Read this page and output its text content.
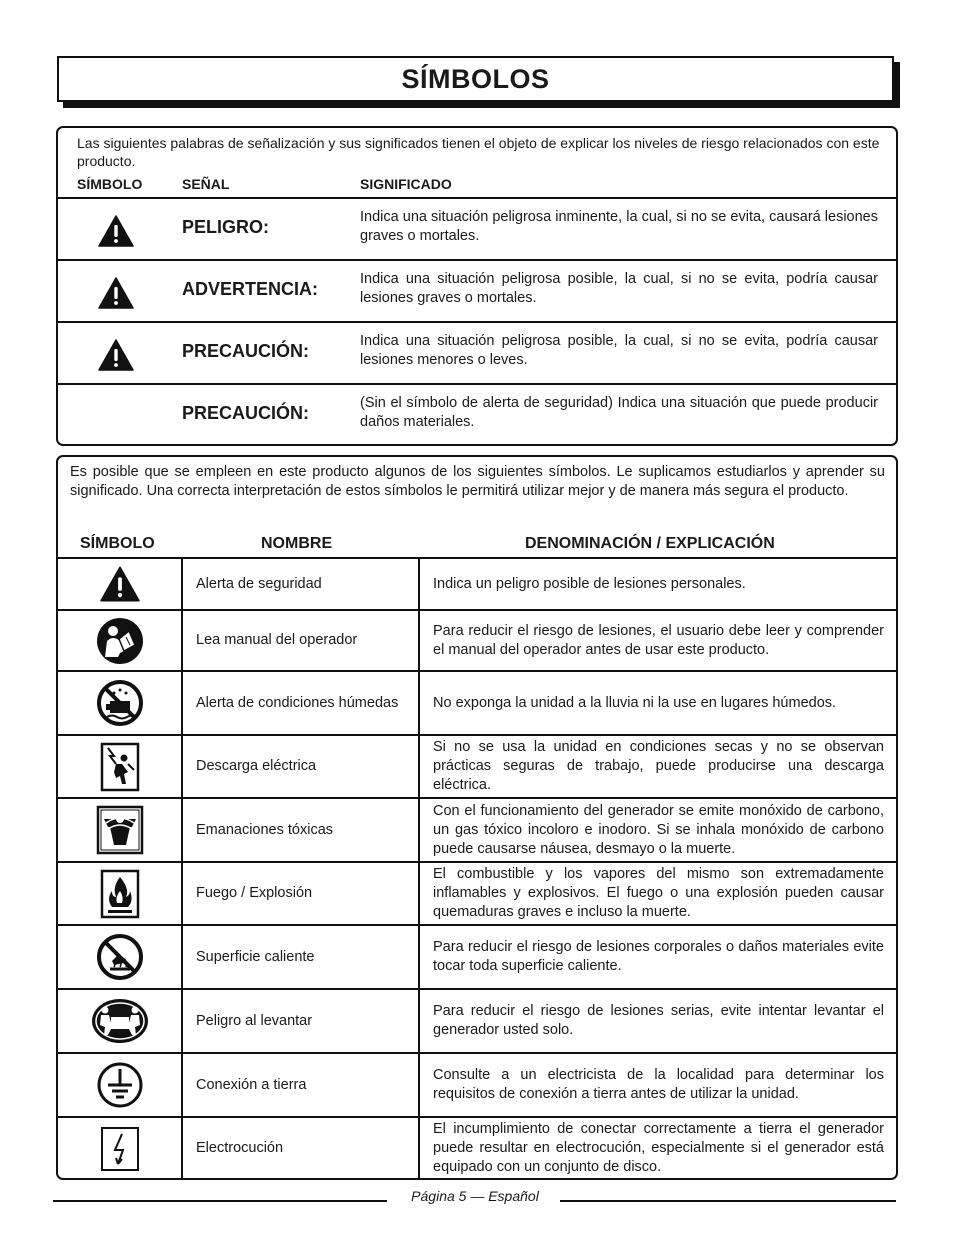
SÍMBOLOS
Las siguientes palabras de señalización y sus significados tienen el objeto de explicar los niveles de riesgo relacionados con este producto.
SÍMBOLO	SEÑAL	SIGNIFICADO
PELIGRO:	Indica una situación peligrosa inminente, la cual, si no se evita, causará lesiones graves o mortales.
ADVERTENCIA:	Indica una situación peligrosa posible, la cual, si no se evita, podría causar lesiones graves o mortales.
PRECAUCIÓN:	Indica una situación peligrosa posible, la cual, si no se evita, podría causar lesiones menores o leves.
PRECAUCIÓN:	(Sin el símbolo de alerta de seguridad) Indica una situación que puede producir daños materiales.
Es posible que se empleen en este producto algunos de los siguientes símbolos. Le suplicamos estudiarlos y aprender su significado. Una correcta interpretación de estos símbolos le permitirá utilizar mejor y de manera más segura el producto.
SÍMBOLO	NOMBRE	DENOMINACIÓN / EXPLICACIÓN
	Alerta de seguridad	Indica un peligro posible de lesiones personales.

	Lea manual del operador	Para reducir el riesgo de lesiones, el usuario debe leer y comprender el manual del operador antes de usar este producto.

	Alerta de condiciones húmedas	No exponga la unidad a la lluvia ni la use en lugares húmedos.

	Descarga eléctrica	Si no se usa la unidad en condiciones secas y no se observan prácticas seguras de trabajo, puede producirse una descarga eléctrica.

	Emanaciones tóxicas	Con el funcionamiento del generador se emite monóxido de carbono, un gas tóxico incoloro e inodoro. Si se inhala monóxido de carbono puede causarse náusea, desmayo o la muerte.

	Fuego / Explosión	El combustible y los vapores del mismo son extremadamente inflamables y explosivos. El fuego o una explosión pueden causar quemaduras graves e incluso la muerte.

	Superficie caliente	Para reducir el riesgo de lesiones corporales o daños materiales evite tocar toda superficie caliente.

	Peligro al levantar	Para reducir el riesgo de lesiones serias, evite intentar levantar el generador usted solo.

	Conexión a tierra	Consulte a un electricista de la localidad para determinar los requisitos de conexión a tierra antes de utilizar la unidad.

	Electrocución	El incumplimiento de conectar correctamente a tierra el generador puede resultar en electrocución, especialmente si el generador está equipado con un conjunto de disco.
Página 5 — Español
